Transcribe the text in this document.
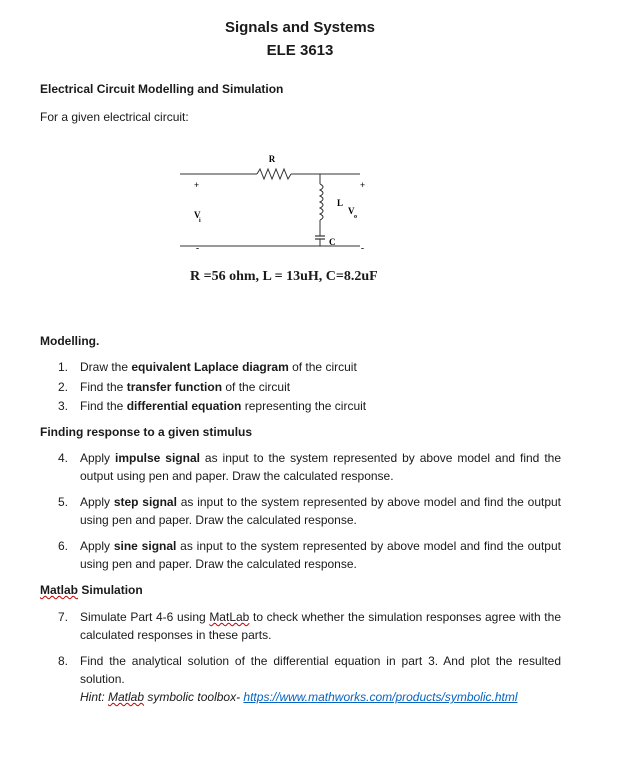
Signals and Systems
ELE 3613
Electrical Circuit Modelling and Simulation
For a given electrical circuit:
R
L
C
V
i
V
o
+	+
-	-
R =56 ohm, L = 13uH, C=8.2uF
Modelling.
1. Draw the equivalent Laplace diagram of the circuit
2. Find the transfer function of the circuit
3. Find the differential equation representing the circuit
Finding response to a given stimulus
4. Apply impulse signal as input to the system represented by above model and find the output using pen and paper. Draw the calculated response.
5. Apply step signal as input to the system represented by above model and find the output using pen and paper. Draw the calculated response.
6. Apply sine signal as input to the system represented by above model and find the output using pen and paper. Draw the calculated response.
Matlab Simulation
7. Simulate Part 4-6 using MatLab to check whether the simulation responses agree with the calculated responses in these parts.
8. Find the analytical solution of the differential equation in part 3. And plot the resulted solution.
Hint: Matlab symbolic toolbox- https://www.mathworks.com/products/symbolic.html
